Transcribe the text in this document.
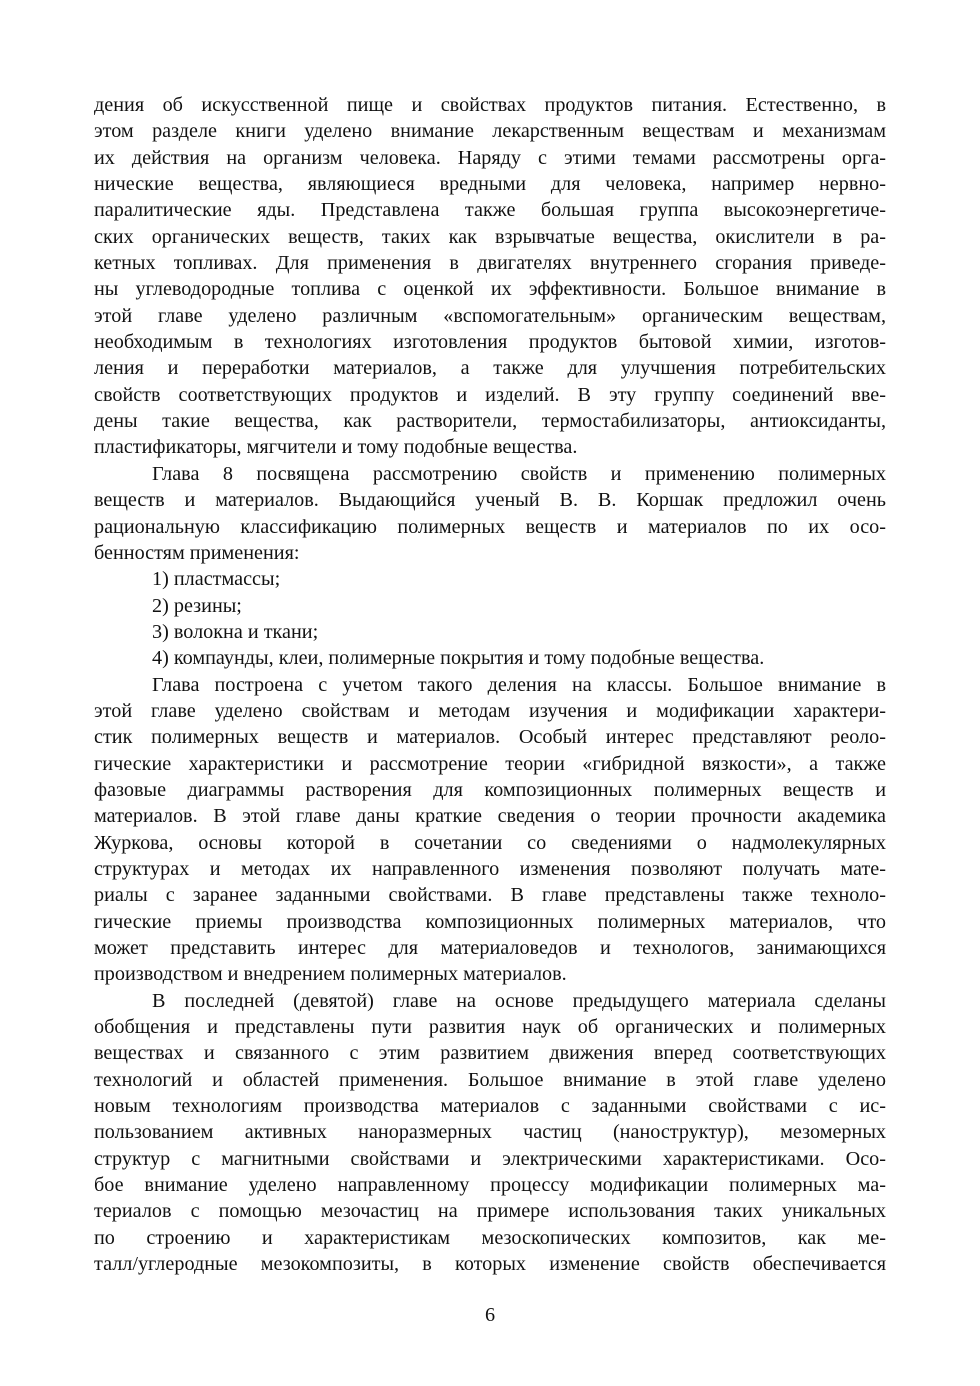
дения об искусственной пище и свойствах продуктов питания. Естественно, в
этом разделе книги уделено внимание лекарственным веществам и механизмам
их действия на организм человека. Наряду с этими темами рассмотрены орга-
нические вещества, являющиеся вредными для человека, например нервно-
паралитические яды. Представлена также большая группа высокоэнергетиче-
ских органических веществ, таких как взрывчатые вещества, окислители в ра-
кетных топливах. Для применения в двигателях внутреннего сгорания приведе-
ны углеводородные топлива с оценкой их эффективности. Большое внимание в
этой главе уделено различным «вспомогательным» органическим веществам,
необходимым в технологиях изготовления продуктов бытовой химии, изготов-
ления и переработки материалов, а также для улучшения потребительских
свойств соответствующих продуктов и изделий. В эту группу соединений вве-
дены такие вещества, как растворители, термостабилизаторы, антиоксиданты,
пластификаторы, мягчители и тому подобные вещества.
Глава 8 посвящена рассмотрению свойств и применению полимерных
веществ и материалов. Выдающийся ученый В. В. Коршак предложил очень
рациональную классификацию полимерных веществ и материалов по их осо-
бенностям применения:
1) пластмассы;
2) резины;
3) волокна и ткани;
4) компаунды, клеи, полимерные покрытия и тому подобные вещества.
Глава построена с учетом такого деления на классы. Большое внимание в
этой главе уделено свойствам и методам изучения и модификации характери-
стик полимерных веществ и материалов. Особый интерес представляют реоло-
гические характеристики и рассмотрение теории «гибридной вязкости», а также
фазовые диаграммы растворения для композиционных полимерных веществ и
материалов. В этой главе даны краткие сведения о теории прочности академика
Журкова, основы которой в сочетании со сведениями о надмолекулярных
структурах и методах их направленного изменения позволяют получать мате-
риалы с заранее заданными свойствами. В главе представлены также техноло-
гические приемы производства композиционных полимерных материалов, что
может представить интерес для материаловедов и технологов, занимающихся
производством и внедрением полимерных материалов.
В последней (девятой) главе на основе предыдущего материала сделаны
обобщения и представлены пути развития наук об органических и полимерных
веществах и связанного с этим развитием движения вперед соответствующих
технологий и областей применения. Большое внимание в этой главе уделено
новым технологиям производства материалов с заданными свойствами с ис-
пользованием активных наноразмерных частиц (наноструктур), мезомерных
структур с магнитными свойствами и электрическими характеристиками. Осо-
бое внимание уделено направленному процессу модификации полимерных ма-
териалов с помощью мезочастиц на примере использования таких уникальных
по строению и характеристикам мезоскопических композитов, как ме-
талл/углеродные мезокомпозиты, в которых изменение свойств обеспечивается
6
